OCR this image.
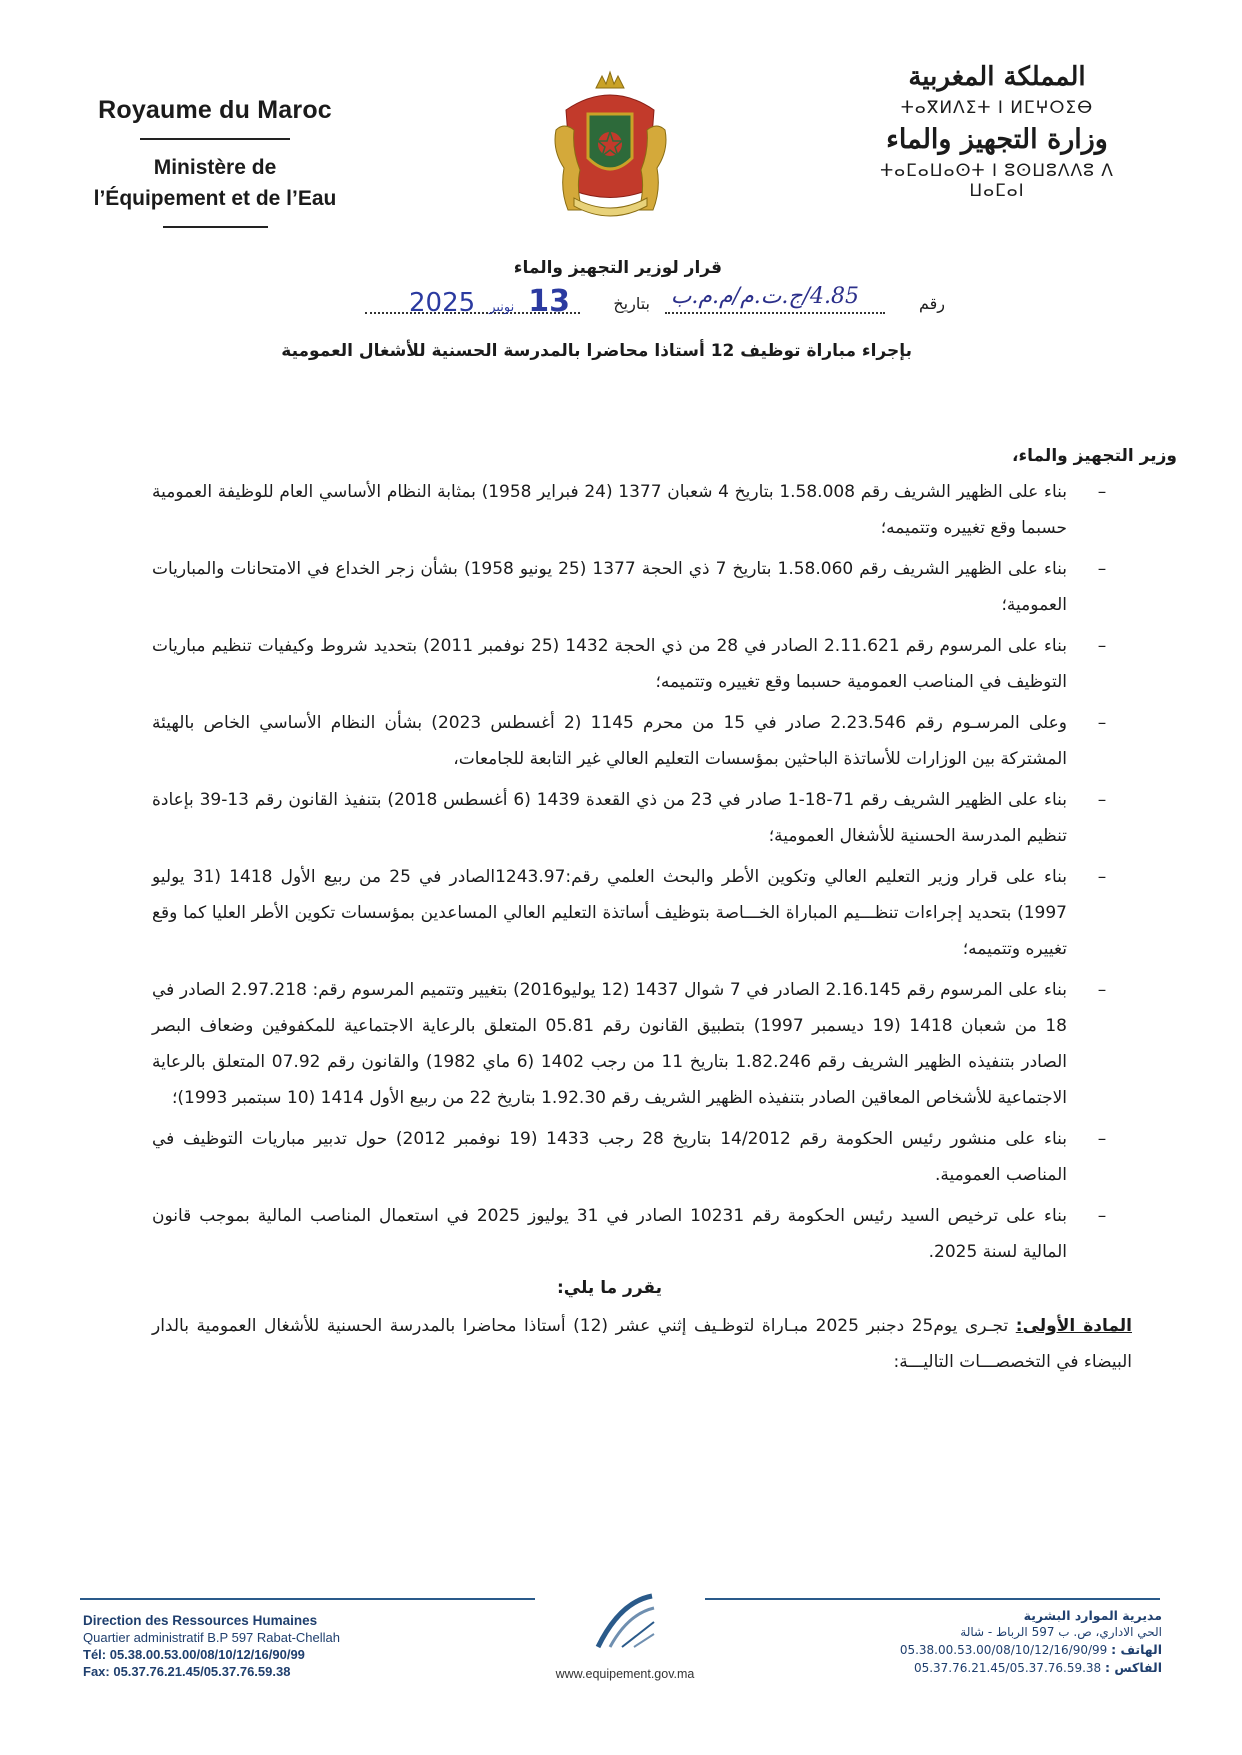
Royaume du Maroc
Ministère de
l’Équipement et de l’Eau
المملكة المغربية
ⵜⴰⴳⵍⴷⵉⵜ ⵏ ⵍⵎⵖⵔⵉⴱ
وزارة التجهيز والماء
ⵜⴰⵎⴰⵡⴰⵙⵜ ⵏ ⵓⵙⵡⵓⴷⴷⵓ ⴷ ⵡⴰⵎⴰⵏ
قرار لوزير التجهيز والماء
رقم
4.85/ج.ت.م/م.م.ب
بتاريخ
2025 نونبر 13
بإجراء مباراة توظيف 12 أستاذا محاضرا بالمدرسة الحسنية للأشغال العمومية
وزير التجهيز والماء،
–
بناء على الظهير الشريف رقم 1.58.008 بتاريخ 4 شعبان 1377 (24 فبراير 1958) بمثابة النظام الأساسي العام للوظيفة العمومية حسبما وقع تغييره وتتميمه؛
–
بناء على الظهير الشريف رقم 1.58.060 بتاريخ 7 ذي الحجة 1377 (25 يونيو 1958) بشأن زجر الخداع في الامتحانات والمباريات العمومية؛
–
بناء على المرسوم رقم 2.11.621 الصادر في 28 من ذي الحجة 1432 (25 نوفمبر 2011) بتحديد شروط وكيفيات تنظيم مباريات التوظيف في المناصب العمومية حسبما وقع تغييره وتتميمه؛
–
وعلى المرسـوم رقم 2.23.546 صادر في 15 من محرم 1145 (2 أغسطس 2023) بشأن النظام الأساسي الخاص بالهيئة المشتركة بين الوزارات للأساتذة الباحثين بمؤسسات التعليم العالي غير التابعة للجامعات،
–
بناء على الظهير الشريف رقم 71-18-1 صادر في 23 من ذي القعدة 1439 (6 أغسطس 2018) بتنفيذ القانون رقم 13-39 بإعادة تنظيم المدرسة الحسنية للأشغال العمومية؛
–
بناء على قرار وزير التعليم العالي وتكوين الأطر والبحث العلمي رقم:1243.97الصادر في 25 من ربيع الأول 1418 (31 يوليو 1997) بتحديد إجراءات تنظـــيم المباراة الخـــاصة بتوظيف أساتذة التعليم العالي المساعدين بمؤسسات تكوين الأطر العليا كما وقع تغييره وتتميمه؛
–
بناء على المرسوم رقم 2.16.145 الصادر في 7 شوال 1437 (12 يوليو2016) بتغيير وتتميم المرسوم رقم: 2.97.218 الصادر في 18 من شعبان 1418 (19 ديسمبر 1997) بتطبيق القانون رقم 05.81 المتعلق بالرعاية الاجتماعية للمكفوفين وضعاف البصر الصادر بتنفيذه الظهير الشريف رقم 1.82.246 بتاريخ 11 من رجب 1402 (6 ماي 1982) والقانون رقم 07.92 المتعلق بالرعاية الاجتماعية للأشخاص المعاقين الصادر بتنفيذه الظهير الشريف رقم 1.92.30 بتاريخ 22 من ربيع الأول 1414 (10 سبتمبر 1993)؛
–
بناء على منشور رئيس الحكومة رقم 14/2012 بتاريخ 28 رجب 1433 (19 نوفمبر 2012) حول تدبير مباريات التوظيف في المناصب العمومية.
–
بناء على ترخيص السيد رئيس الحكومة رقم 10231 الصادر في 31 يوليوز 2025 في استعمال المناصب المالية بموجب قانون المالية لسنة 2025.
يقرر ما يلي:
المادة الأولى: تجـرى يوم25 دجنبر 2025 مبـاراة لتوظـيف إثني عشر (12) أستاذا محاضرا بالمدرسة الحسنية للأشغال العمومية بالدار البيضاء في التخصصـــات التاليـــة:
Direction des Ressources Humaines
Quartier administratif B.P 597 Rabat-Chellah
Tél: 05.38.00.53.00/08/10/12/16/90/99
Fax: 05.37.76.21.45/05.37.76.59.38	www.equipement.gov.ma
مديرية الموارد البشرية
الحي الاداري، ص. ب 597 الرباط - شالة
الهاتف : 05.38.00.53.00/08/10/12/16/90/99
الفاكس : 05.37.76.21.45/05.37.76.59.38
